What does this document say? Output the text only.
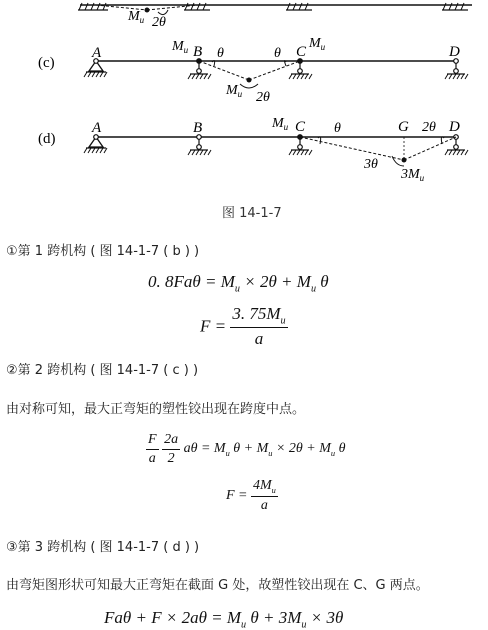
$M_u$ 2θ
(c)
A	B	C	D
$M_u$	$M_u$
$M_u$
θ	θ
2θ
(d)
A	B	C	G	D
$M_u$	θ	2θ
3θ
$3M_u$
图 14-1-7
①第 1 跨机构 ( 图 14-1-7 ( b ) )
0. $8Fa\theta = M_u \times 2\theta + M_u$ θ
$F = \frac{3. 75M_u}{a}$
②第 2 跨机构 ( 图 14-1-7 ( c ) )
由对称可知，最大正弯矩的塑性铰出现在跨度中点。
$\frac{F}{a}$
$\frac{2a}{2}$ $a\theta = M_u$ $\theta + M_u \times 2\theta + M_u$ θ
$F = \frac{4M_u}{a}$
③第 3 跨机构 ( 图 14-1-7 ( d ) )
由弯矩图形状可知最大正弯矩在截面 G 处，故塑性铰出现在 C、G 两点。
$Fa\theta + F \times 2a\theta = M_u$ $\theta + 3M_u \times 3\theta$
